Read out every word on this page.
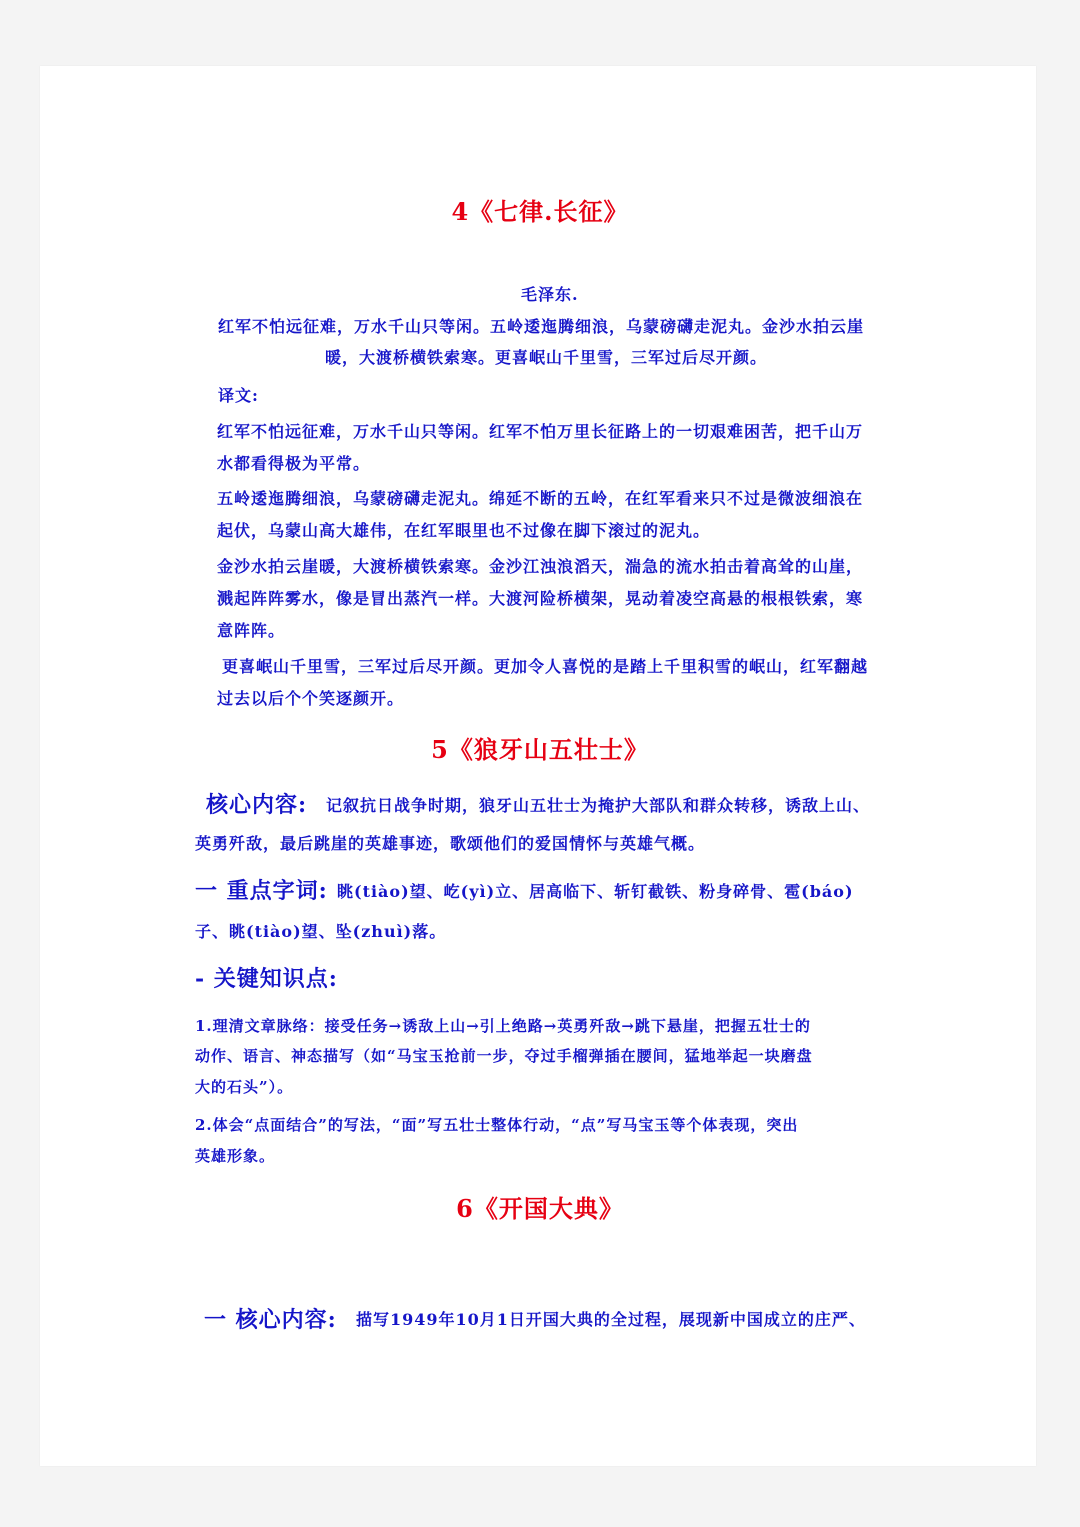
4《七律.长征》
毛泽东.
红军不怕远征难，万水千山只等闲。五岭逶迤腾细浪，乌蒙磅礴走泥丸。金沙水拍云崖
暖，大渡桥横铁索寒。更喜岷山千里雪，三军过后尽开颜。
译文:
红军不怕远征难，万水千山只等闲。红军不怕万里长征路上的一切艰难困苦，把千山万
水都看得极为平常。
五岭逶迤腾细浪，乌蒙磅礴走泥丸。绵延不断的五岭，在红军看来只不过是微波细浪在
起伏，乌蒙山高大雄伟，在红军眼里也不过像在脚下滚过的泥丸。
金沙水拍云崖暖，大渡桥横铁索寒。金沙江浊浪滔天，湍急的流水拍击着高耸的山崖，
溅起阵阵雾水，像是冒出蒸汽一样。大渡河险桥横架，晃动着凌空高悬的根根铁索，寒
意阵阵。
更喜岷山千里雪，三军过后尽开颜。更加令人喜悦的是踏上千里积雪的岷山，红军翻越
过去以后个个笑逐颜开。
5《狼牙山五壮士》
核心内容: 记叙抗日战争时期，狼牙山五壮士为掩护大部队和群众转移，诱敌上山、
英勇歼敌，最后跳崖的英雄事迹，歌颂他们的爱国情怀与英雄气概。
一 重点字词: 眺(tiào)望、屹(yì)立、居高临下、斩钉截铁、粉身碎骨、雹(báo)
子、眺(tiào)望、坠(zhuì)落。
- 关键知识点:
1.理清文章脉络：接受任务→诱敌上山→引上绝路→英勇歼敌→跳下悬崖，把握五壮士的
动作、语言、神态描写（如“马宝玉抢前一步，夺过手榴弹插在腰间，猛地举起一块磨盘
大的石头”）。
2.体会“点面结合”的写法，“面”写五壮士整体行动，“点”写马宝玉等个体表现，突出
英雄形象。
6《开国大典》
一 核心内容: 描写1949年10月1日开国大典的全过程，展现新中国成立的庄严、
